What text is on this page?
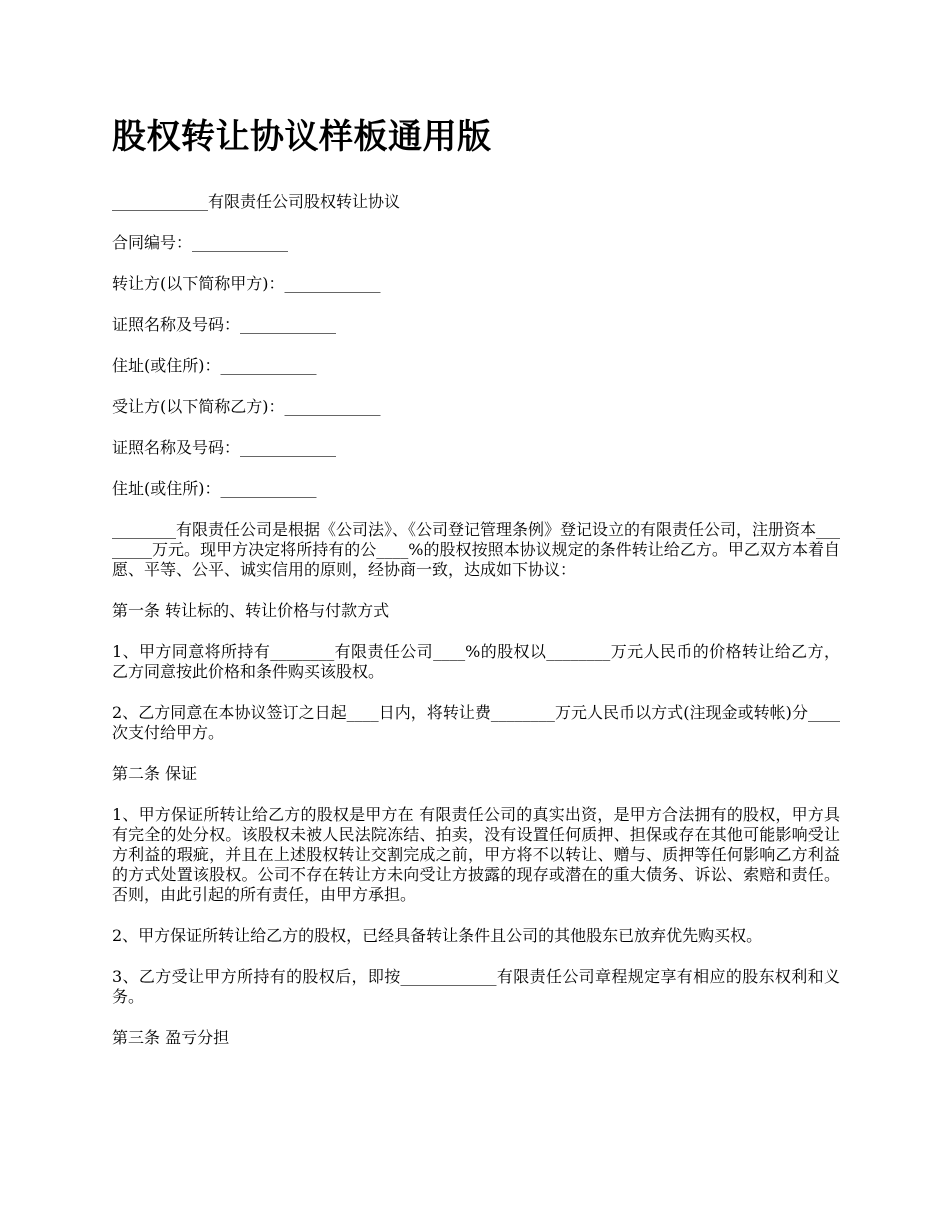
股权转让协议样板通用版

____________有限责任公司股权转让协议

合同编号：____________

转让方(以下简称甲方)：____________

证照名称及号码：____________

住址(或住所)：____________

受让方(以下简称乙方)：____________

证照名称及号码：____________

住址(或住所)：____________

________有限责任公司是根据《公司法》、《公司登记管理条例》登记设立的有限责任公司，注册资本________万元。现甲方决定将所持有的公____%的股权按照本协议规定的条件转让给乙方。甲乙双方本着自愿、平等、公平、诚实信用的原则，经协商一致，达成如下协议：

第一条 转让标的、转让价格与付款方式

1、甲方同意将所持有________有限责任公司____%的股权以________万元人民币的价格转让给乙方，乙方同意按此价格和条件购买该股权。

2、乙方同意在本协议签订之日起____日内，将转让费________万元人民币以方式(注现金或转帐)分____次支付给甲方。

第二条 保证

1、甲方保证所转让给乙方的股权是甲方在 有限责任公司的真实出资，是甲方合法拥有的股权，甲方具有完全的处分权。该股权未被人民法院冻结、拍卖，没有设置任何质押、担保或存在其他可能影响受让方利益的瑕疵，并且在上述股权转让交割完成之前，甲方将不以转让、赠与、质押等任何影响乙方利益的方式处置该股权。公司不存在转让方未向受让方披露的现存或潜在的重大债务、诉讼、索赔和责任。否则，由此引起的所有责任，由甲方承担。

2、甲方保证所转让给乙方的股权，已经具备转让条件且公司的其他股东已放弃优先购买权。

3、乙方受让甲方所持有的股权后，即按____________有限责任公司章程规定享有相应的股东权利和义务。

第三条 盈亏分担
